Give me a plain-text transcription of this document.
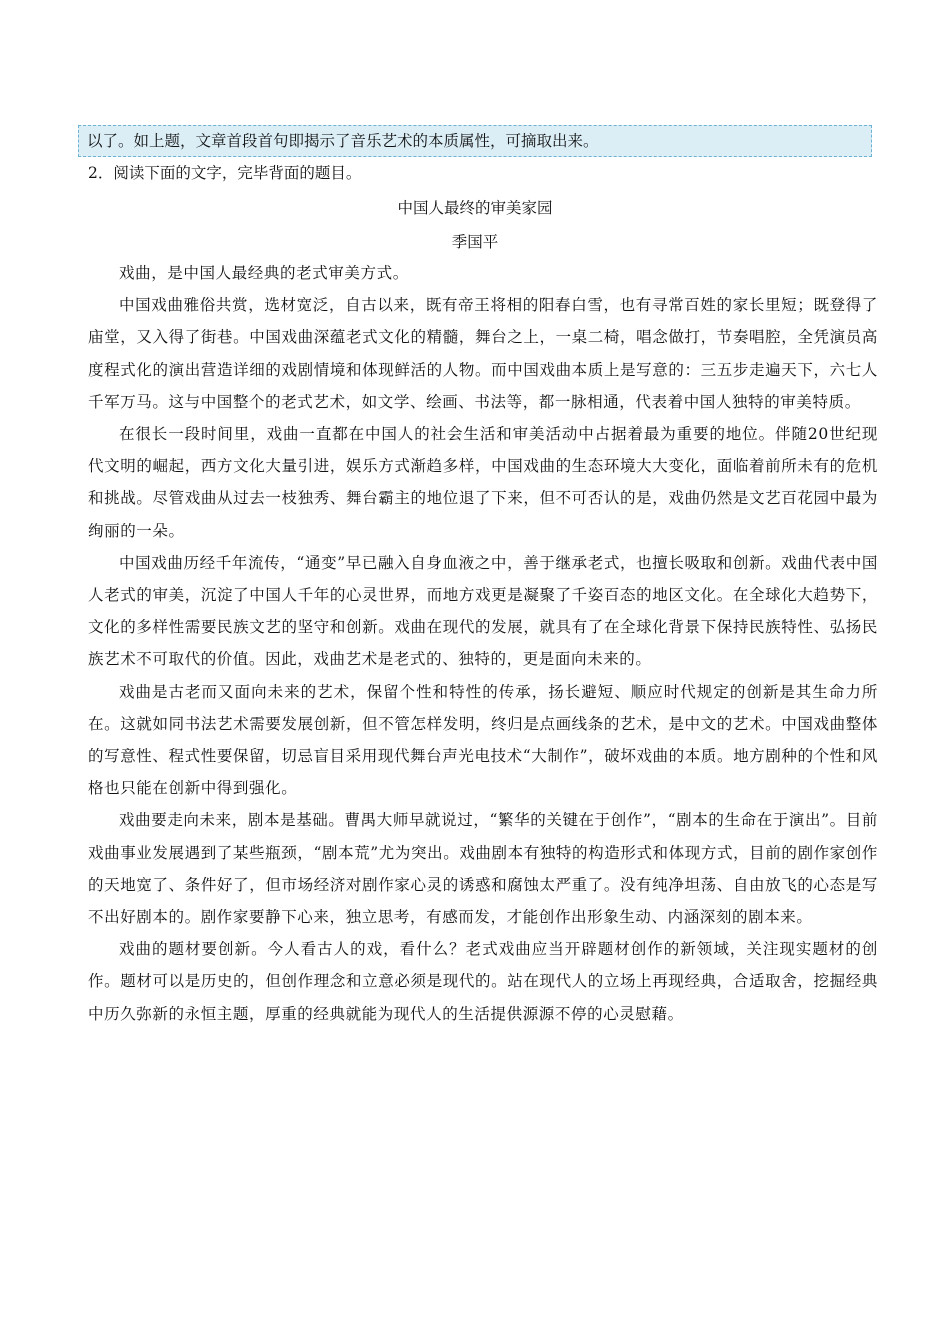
以了。如上题，文章首段首句即揭示了音乐艺术的本质属性，可摘取出来。
2．阅读下面的文字，完毕背面的题目。
中国人最终的审美家园
季国平

戏曲，是中国人最经典的老式审美方式。

中国戏曲雅俗共赏，选材宽泛，自古以来，既有帝王将相的阳春白雪，也有寻常百姓的家长里短；既登得了庙堂，又入得了街巷。中国戏曲深蕴老式文化的精髓，舞台之上，一桌二椅，唱念做打，节奏唱腔，全凭演员高度程式化的演出营造详细的戏剧情境和体现鲜活的人物。而中国戏曲本质上是写意的：三五步走遍天下，六七人千军万马。这与中国整个的老式艺术，如文学、绘画、书法等，都一脉相通，代表着中国人独特的审美特质。

在很长一段时间里，戏曲一直都在中国人的社会生活和审美活动中占据着最为重要的地位。伴随20世纪现代文明的崛起，西方文化大量引进，娱乐方式渐趋多样，中国戏曲的生态环境大大变化，面临着前所未有的危机和挑战。尽管戏曲从过去一枝独秀、舞台霸主的地位退了下来，但不可否认的是，戏曲仍然是文艺百花园中最为绚丽的一朵。

中国戏曲历经千年流传，“通变”早已融入自身血液之中，善于继承老式，也擅长吸取和创新。戏曲代表中国人老式的审美，沉淀了中国人千年的心灵世界，而地方戏更是凝聚了千姿百态的地区文化。在全球化大趋势下，文化的多样性需要民族文艺的坚守和创新。戏曲在现代的发展，就具有了在全球化背景下保持民族特性、弘扬民族艺术不可取代的价值。因此，戏曲艺术是老式的、独特的，更是面向未来的。

戏曲是古老而又面向未来的艺术，保留个性和特性的传承，扬长避短、顺应时代规定的创新是其生命力所在。这就如同书法艺术需要发展创新，但不管怎样发明，终归是点画线条的艺术，是中文的艺术。中国戏曲整体的写意性、程式性要保留，切忌盲目采用现代舞台声光电技术“大制作”，破坏戏曲的本质。地方剧种的个性和风格也只能在创新中得到强化。

戏曲要走向未来，剧本是基础。曹禺大师早就说过，“繁华的关键在于创作”，“剧本的生命在于演出”。目前戏曲事业发展遇到了某些瓶颈，“剧本荒”尤为突出。戏曲剧本有独特的构造形式和体现方式，目前的剧作家创作的天地宽了、条件好了，但市场经济对剧作家心灵的诱惑和腐蚀太严重了。没有纯净坦荡、自由放飞的心态是写不出好剧本的。剧作家要静下心来，独立思考，有感而发，才能创作出形象生动、内涵深刻的剧本来。

戏曲的题材要创新。今人看古人的戏，看什么？老式戏曲应当开辟题材创作的新领域，关注现实题材的创作。题材可以是历史的，但创作理念和立意必须是现代的。站在现代人的立场上再现经典，合适取舍，挖掘经典中历久弥新的永恒主题，厚重的经典就能为现代人的生活提供源源不停的心灵慰藉。
